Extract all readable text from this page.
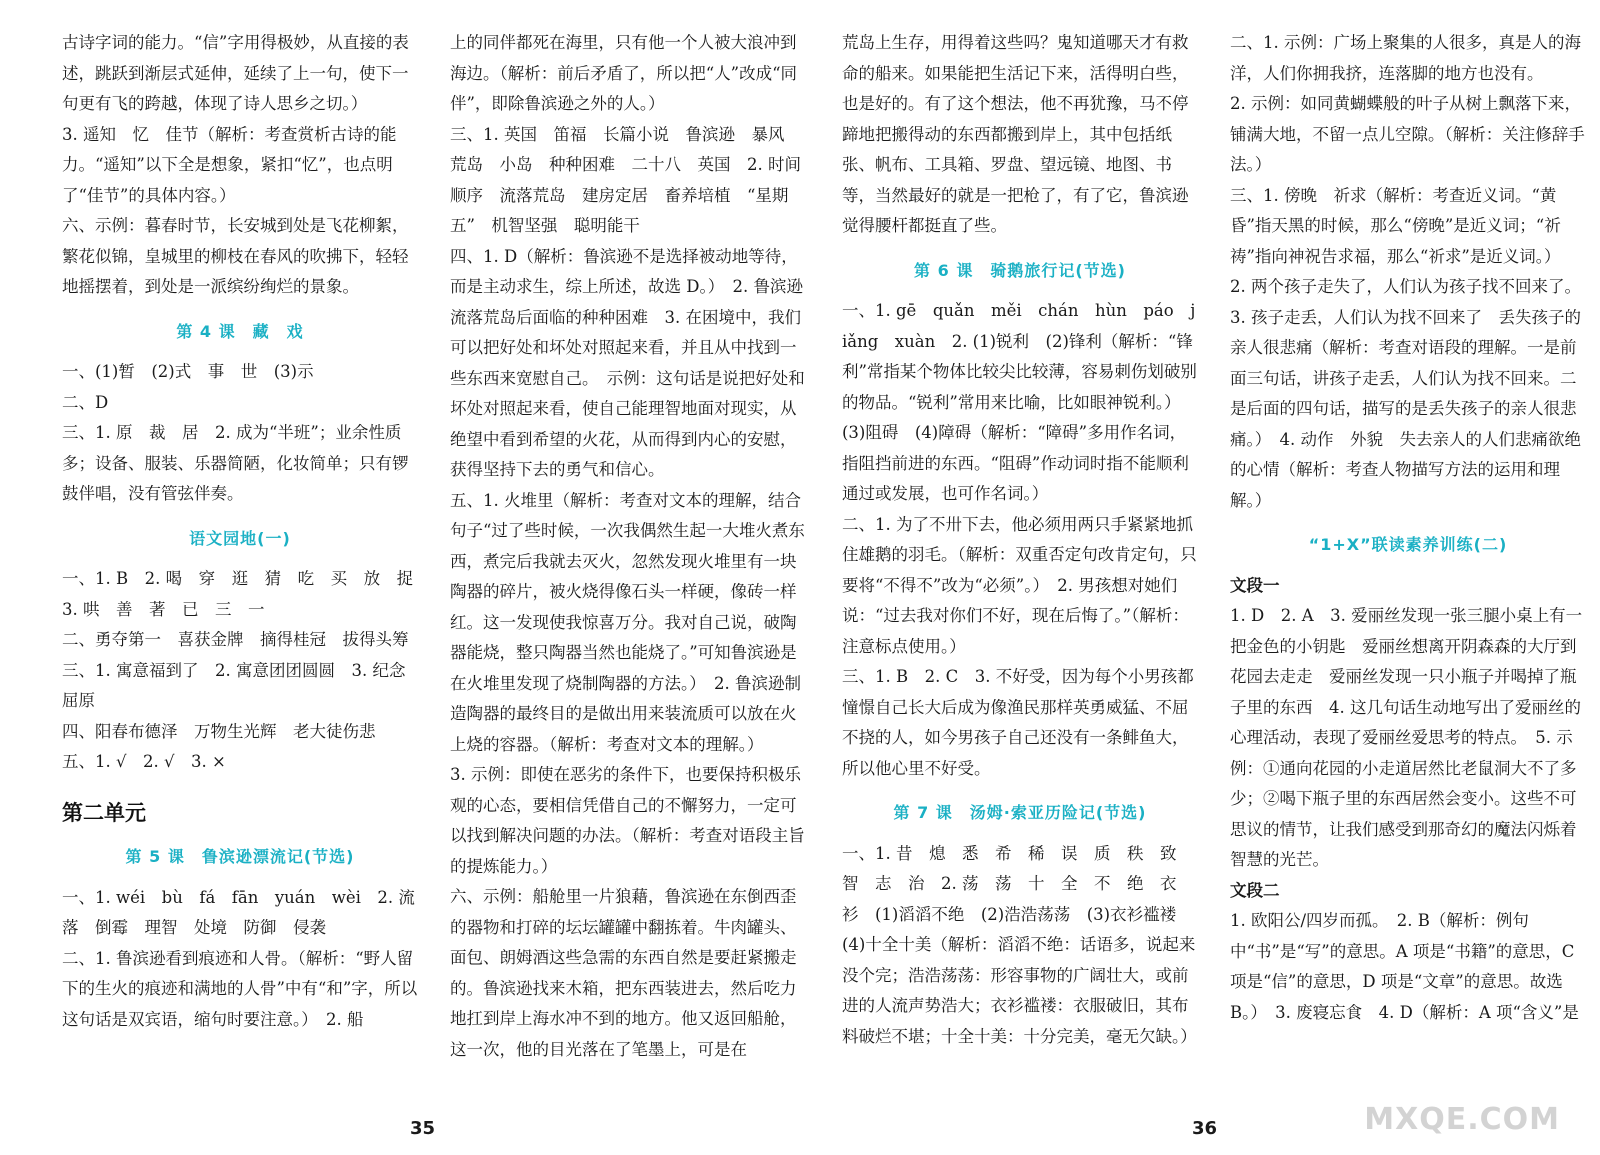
古诗字词的能力。“信”字用得极妙，从直接的表述，跳跃到渐层式延伸，延续了上一句，使下一句更有飞的跨越，体现了诗人思乡之切。）

3. 遥知　忆　佳节（解析：考查赏析古诗的能力。“遥知”以下全是想象，紧扣“忆”，也点明了“佳节”的具体内容。）

六、示例：暮春时节，长安城到处是飞花柳絮，繁花似锦，皇城里的柳枝在春风的吹拂下，轻轻地摇摆着，到处是一派缤纷绚烂的景象。

第 4 课　藏　戏

一、(1)暂　(2)式　事　世　(3)示

二、D

三、1. 原　裁　居　2. 成为“半班”；业余性质多；设备、服装、乐器简陋，化妆简单；只有锣鼓伴唱，没有管弦伴奏。

语文园地(一)

一、1. B　2. 喝　穿　逛　猜　吃　买　放　捉　3. 哄　善　著　已　三　一

二、勇夺第一　喜获金牌　摘得桂冠　拔得头筹

三、1. 寓意福到了　2. 寓意团团圆圆　3. 纪念屈原

四、阳春布德泽　万物生光辉　老大徒伤悲

五、1. √　2. √　3. ×

第二单元
第 5 课　鲁滨逊漂流记(节选)

一、1. wéi　bù　fá　fān　yuán　wèi　2. 流落　倒霉　理智　处境　防御　侵袭

二、1. 鲁滨逊看到痕迹和人骨。（解析：“野人留下的生火的痕迹和满地的人骨”中有“和”字，所以这句话是双宾语，缩句时要注意。）　2. 船

上的同伴都死在海里，只有他一个人被大浪冲到海边。（解析：前后矛盾了，所以把“人”改成“同伴”，即除鲁滨逊之外的人。）

三、1. 英国　笛福　长篇小说　鲁滨逊　暴风　荒岛　小岛　种种困难　二十八　英国　2. 时间顺序　流落荒岛　建房定居　畜养培植　“星期五”　机智坚强　聪明能干

四、1. D（解析：鲁滨逊不是选择被动地等待，而是主动求生，综上所述，故选 D。）　2. 鲁滨逊流落荒岛后面临的种种困难　3. 在困境中，我们可以把好处和坏处对照起来看，并且从中找到一些东西来宽慰自己。　示例：这句话是说把好处和坏处对照起来看，使自己能理智地面对现实，从绝望中看到希望的火花，从而得到内心的安慰，获得坚持下去的勇气和信心。

五、1. 火堆里（解析：考查对文本的理解，结合句子“过了些时候，一次我偶然生起一大堆火煮东西，煮完后我就去灭火，忽然发现火堆里有一块陶器的碎片，被火烧得像石头一样硬，像砖一样红。这一发现使我惊喜万分。我对自己说，破陶器能烧，整只陶器当然也能烧了。”可知鲁滨逊是在火堆里发现了烧制陶器的方法。）　2. 鲁滨逊制造陶器的最终目的是做出用来装流质可以放在火上烧的容器。（解析：考查对文本的理解。）

3. 示例：即使在恶劣的条件下，也要保持积极乐观的心态，要相信凭借自己的不懈努力，一定可以找到解决问题的办法。（解析：考查对语段主旨的提炼能力。）

六、示例：船舱里一片狼藉，鲁滨逊在东倒西歪的器物和打碎的坛坛罐罐中翻拣着。牛肉罐头、面包、朗姆酒这些急需的东西自然是要赶紧搬走的。鲁滨逊找来木箱，把东西装进去，然后吃力地扛到岸上海水冲不到的地方。他又返回船舱，这一次，他的目光落在了笔墨上，可是在

荒岛上生存，用得着这些吗？鬼知道哪天才有救命的船来。如果能把生活记下来，活得明白些，也是好的。有了这个想法，他不再犹豫，马不停蹄地把搬得动的东西都搬到岸上，其中包括纸张、帆布、工具箱、罗盘、望远镜、地图、书等，当然最好的就是一把枪了，有了它，鲁滨逊觉得腰杆都挺直了些。

第 6 课　骑鹅旅行记(节选)

一、1. gē　quǎn　měi　chán　hùn　páo　jiǎng　xuàn　2. (1)锐利　(2)锋利（解析：“锋利”常指某个物体比较尖比较薄，容易刺伤划破别的物品。“锐利”常用来比喻，比如眼神锐利。）　(3)阻碍　(4)障碍（解析：“障碍”多用作名词，指阻挡前进的东西。“阻碍”作动词时指不能顺利通过或发展，也可作名词。）

二、1. 为了不卅下去，他必须用两只手紧紧地抓住雄鹅的羽毛。（解析：双重否定句改肯定句，只要将“不得不”改为“必须”。）　2. 男孩想对她们说：“过去我对你们不好，现在后悔了。”（解析：注意标点使用。）

三、1. B　2. C　3. 不好受，因为每个小男孩都憧憬自己长大后成为像渔民那样英勇威猛、不屈不挠的人，如今男孩子自己还没有一条鲱鱼大，所以他心里不好受。

第 7 课　汤姆·索亚历险记(节选)

一、1. 昔　熄　悉　希　稀　误　质　秩　致　智　志　治　2. 荡　荡　十　全　不　绝　衣　衫　(1)滔滔不绝　(2)浩浩荡荡　(3)衣衫褴褛　(4)十全十美（解析：滔滔不绝：话语多，说起来没个完；浩浩荡荡：形容事物的广阔壮大，或前进的人流声势浩大；衣衫褴褛：衣服破旧，其布料破烂不堪；十全十美：十分完美，毫无欠缺。）

二、1. 示例：广场上聚集的人很多，真是人的海洋，人们你拥我挤，连落脚的地方也没有。

2. 示例：如同黄蝴蝶般的叶子从树上飘落下来，铺满大地，不留一点儿空隙。（解析：关注修辞手法。）

三、1. 傍晚　祈求（解析：考查近义词。“黄昏”指天黑的时候，那么“傍晚”是近义词；“祈祷”指向神祝告求福，那么“祈求”是近义词。）

2. 两个孩子走失了，人们认为孩子找不回来了。

3. 孩子走丢，人们认为找不回来了　丢失孩子的亲人很悲痛（解析：考查对语段的理解。一是前面三句话，讲孩子走丢，人们认为找不回来。二是后面的四句话，描写的是丢失孩子的亲人很悲痛。）　4. 动作　外貌　失去亲人的人们悲痛欲绝的心情（解析：考查人物描写方法的运用和理解。）

“1+X”联读素养训练(二)

文段一

1. D　2. A　3. 爱丽丝发现一张三腿小桌上有一把金色的小钥匙　爱丽丝想离开阴森森的大厅到花园去走走　爱丽丝发现一只小瓶子并喝掉了瓶子里的东西　4. 这几句话生动地写出了爱丽丝的心理活动，表现了爱丽丝爱思考的特点。　5. 示例：①通向花园的小走道居然比老鼠洞大不了多少；②喝下瓶子里的东西居然会变小。这些不可思议的情节，让我们感受到那奇幻的魔法闪烁着智慧的光芒。

文段二

1. 欧阳公/四岁而孤。　2. B（解析：例句中“书”是“写”的意思。A 项是“书籍”的意思，C 项是“信”的意思，D 项是“文章”的意思。故选 B。）　3. 废寝忘食　4. D（解析：A 项“含义”是

35	36	MXQE.COM
